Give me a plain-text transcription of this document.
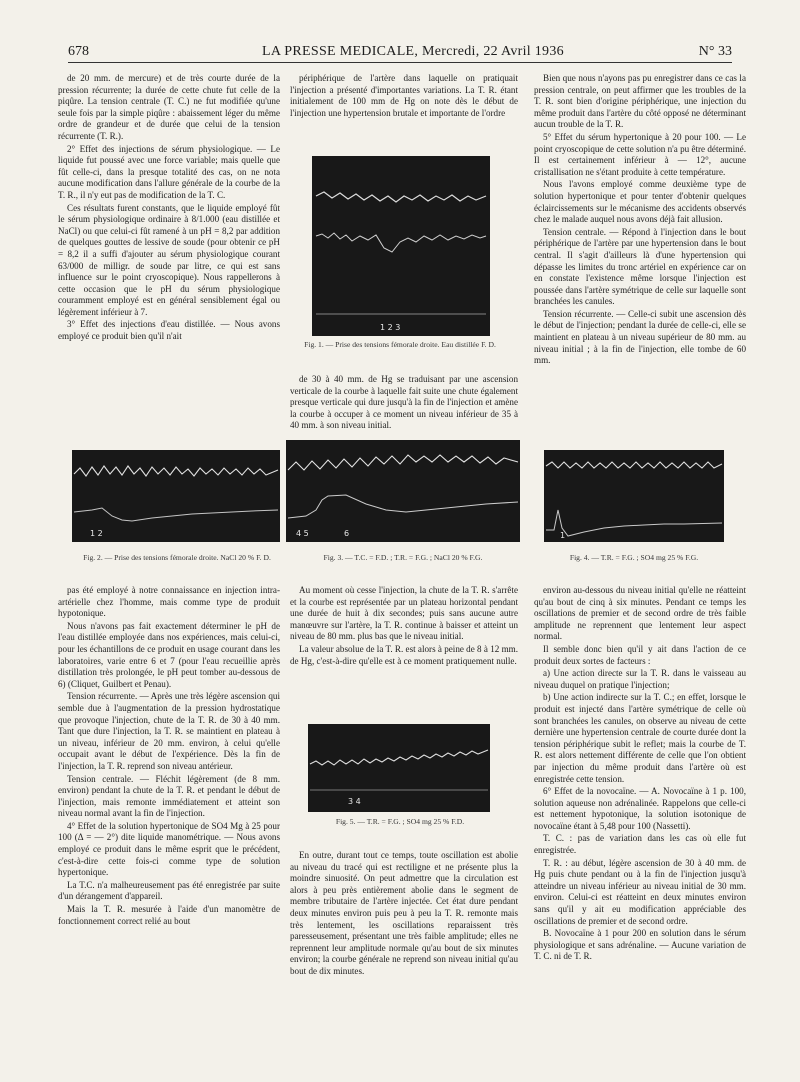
678	LA PRESSE MEDICALE, Mercredi, 22 Avril 1936	N° 33

de 20 mm. de mercure) et de très courte durée de la pression récurrente; la durée de cette chute fut celle de la piqûre. La tension centrale (T. C.) ne fut modifiée qu'une seule fois par la simple piqûre : abaissement léger du même ordre de grandeur et de durée que celui de la tension récurrente (T. R.).

2° Effet des injections de sérum physiologique. — Le liquide fut poussé avec une force variable; mais quelle que fût celle-ci, dans la presque totalité des cas, on ne nota aucune modification dans l'allure générale de la courbe de la T. R., il n'y eut pas de modification de la T. C.

Ces résultats furent constants, que le liquide employé fût le sérum physiologique ordinaire à 8/1.000 (eau distillée et NaCl) ou que celui-ci fût ramené à un pH = 8,2 par addition de quelques gouttes de lessive de soude (pour obtenir ce pH = 8,2 il a suffi d'ajouter au sérum physiologique courant 63/000 de milligr. de soude par litre, ce qui est sans influence sur le point cryoscopique). Nous rappellerons à cette occasion que le pH du sérum physiologique couramment employé est en général sensiblement égal ou légèrement inférieur à 7.

3° Effet des injections d'eau distillée. — Nous avons employé ce produit bien qu'il n'ait

périphérique de l'artère dans laquelle on pratiquait l'injection a présenté d'importantes variations. La T. R. étant initialement de 100 mm de Hg on note dès le début de l'injection une hypertension brutale et importante de l'ordre

de 30 à 40 mm. de Hg se traduisant par une ascension verticale de la courbe à laquelle fait suite une chute également presque verticale qui dure jusqu'à la fin de l'injection et amène la courbe à occuper à ce moment un niveau inférieur de 35 à 40 mm. à son niveau initial.

Bien que nous n'ayons pas pu enregistrer dans ce cas la pression centrale, on peut affirmer que les troubles de la T. R. sont bien d'origine périphérique, une injection du même produit dans l'artère du côté opposé ne déterminant aucun trouble de la T. R.

5° Effet du sérum hypertonique à 20 pour 100. — Le point cryoscopique de cette solution n'a pu être déterminé. Il est certainement inférieur à — 12°, aucune cristallisation ne s'étant produite à cette température.

Nous l'avons employé comme deuxième type de solution hypertonique et pour tenter d'obtenir quelques éclaircissements sur le mécanisme des accidents observés chez le malade auquel nous avons déjà fait allusion.

Tension centrale. — Répond à l'injection dans le bout périphérique de l'artère par une hypertension dans le bout central. Il s'agit d'ailleurs là d'une hypertension qui dépasse les limites du tronc artériel en expérience car on en constate l'existence même lorsque l'injection est poussée dans l'artère symétrique de celle sur laquelle sont branchées les canules.

Tension récurrente. — Celle-ci subit une ascension dès le début de l'injection; pendant la durée de celle-ci, elle se maintient en plateau à un niveau supérieur de 80 mm. au niveau initial ; à la fin de l'injection, elle tombe de 60 mm.

1 2 3
Fig. 1. — Prise des tensions fémorale droite. Eau distillée F. D.
1 2
Fig. 2. — Prise des tensions fémorale droite. NaCl 20 % F. D.
4 5	6
Fig. 3. — T.C. = F.D. ; T.R. = F.G. ; NaCl 20 % F.G.
1
Fig. 4. — T.R. = F.G. ; SO4 mg 25 % F.G.
3 4
Fig. 5. — T.R. = F.G. ; SO4 mg 25 % F.D.

pas été employé à notre connaissance en injection intra-artérielle chez l'homme, mais comme type de produit hypotonique.

Nous n'avons pas fait exactement déterminer le pH de l'eau distillée employée dans nos expériences, mais celui-ci, pour les échantillons de ce produit en usage courant dans les laboratoires, varie entre 6 et 7 (pour l'eau recueillie après distillation très prolongée, le pH peut tomber au-dessous de 6) (Cliquet, Guilbert et Penau).

Tension récurrente. — Après une très légère ascension qui semble due à l'augmentation de la pression hydrostatique que provoque l'injection, chute de la T. R. de 30 à 40 mm. Tant que dure l'injection, la T. R. se maintient en plateau à un niveau, inférieur de 20 mm. environ, à celui qu'elle occupait avant le début de l'expérience. Dès la fin de l'injection, la T. R. reprend son niveau antérieur.

Tension centrale. — Fléchit légèrement (de 8 mm. environ) pendant la chute de la T. R. et pendant le début de l'injection, mais remonte immédiatement et atteint son niveau normal avant la fin de l'injection.

4° Effet de la solution hypertonique de SO4 Mg à 25 pour 100 (Δ = — 2°) dite liquide manométrique. — Nous avons employé ce produit dans le même esprit que le précédent, c'est-à-dire cette fois-ci comme type de solution hypertonique.

La T.C. n'a malheureusement pas été enregistrée par suite d'un dérangement d'appareil.

Mais la T. R. mesurée à l'aide d'un manomètre de fonctionnement correct relié au bout

Au moment où cesse l'injection, la chute de la T. R. s'arrête et la courbe est représentée par un plateau horizontal pendant une durée de huit à dix secondes; puis sans aucune autre manœuvre sur l'artère, la T. R. continue à baisser et atteint un niveau de 80 mm. plus bas que le niveau initial.

La valeur absolue de la T. R. est alors à peine de 8 à 12 mm. de Hg, c'est-à-dire qu'elle est à ce moment pratiquement nulle.

En outre, durant tout ce temps, toute oscillation est abolie au niveau du tracé qui est rectiligne et ne présente plus la moindre sinuosité. On peut admettre que la circulation est alors à peu près entièrement abolie dans le segment de membre tributaire de l'artère injectée. Cet état dure pendant deux minutes environ puis peu à peu la T. R. remonte mais très lentement, les oscillations reparaissent très paresseusement, présentant une très faible amplitude; elles ne reprennent leur amplitude normale qu'au bout de six minutes environ; la courbe générale ne reprend son niveau initial qu'au bout de dix minutes.

environ au-dessous du niveau initial qu'elle ne réatteint qu'au bout de cinq à six minutes. Pendant ce temps les oscillations de premier et de second ordre de très faible amplitude ne reprennent que lentement leur aspect normal.

Il semble donc bien qu'il y ait dans l'action de ce produit deux sortes de facteurs :

a) Une action directe sur la T. R. dans le vaisseau au niveau duquel on pratique l'injection;

b) Une action indirecte sur la T. C.; en effet, lorsque le produit est injecté dans l'artère symétrique de celle où sont branchées les canules, on observe au niveau de cette dernière une hypertension centrale de courte durée dont la tension périphérique subit le reflet; mais la courbe de T. R. est alors nettement différente de celle que l'on obtient par injection du même produit dans l'artère où est enregistrée cette tension.

6° Effet de la novocaïne. — A. Novocaïne à 1 p. 100, solution aqueuse non adrénalinée. Rappelons que celle-ci est nettement hypotonique, la solution isotonique de novocaïne étant à 5,48 pour 100 (Nassetti).

T. C. : pas de variation dans les cas où elle fut enregistrée.

T. R. : au début, légère ascension de 30 à 40 mm. de Hg puis chute pendant ou à la fin de l'injection jusqu'à atteindre un niveau inférieur au niveau initial de 30 mm. environ. Celui-ci est réatteint en deux minutes environ sans qu'il y ait eu modification appréciable des oscillations de premier et de second ordre.

B. Novocaïne à 1 pour 200 en solution dans le sérum physiologique et sans adrénaline. — Aucune variation de T. C. ni de T. R.
